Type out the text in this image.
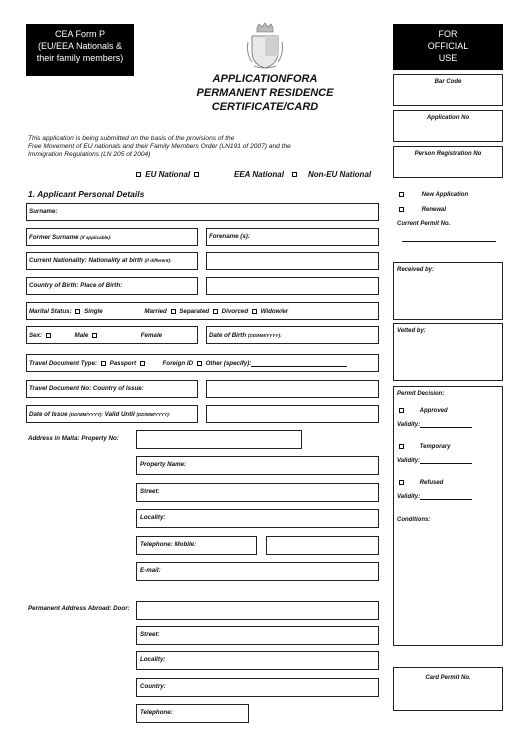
CEA Form P
(EU/EEA Nationals &
their family members)
APPLICATIONFORA
PERMANENT RESIDENCE
CERTIFICATE/CARD
This application is being submitted on the basis of the provisions of the
Free Movement of EU nationals and their Family Members Order (LN191 of 2007) and the
Immigration Regulations (LN 205 of 2004)
EU National	EEA National	Non-EU National
1. Applicant Personal Details
Surname:
Former Surname (if applicable):	Forename (s):
Current Nationality: Nationality at birth (if different):
Country of Birth: Place of Birth:
Marital Status: Single	Married Separated Divorced Widow/er
Sex:	Male	Female	Date of Birth (DD/MM/YYYY):
Travel Document Type: Passport	Foreign ID Other (specify):
Travel Document No: Country of Issue:
Date of Issue (DD/MM/YYYY): Valid Until (DD/MM/YYYY):
Address in Malta: Property No:
Property Name:
Street:
Locality:
Telephone: Mobile:
E-mail:
Permanent Address Abroad: Door:
Street:
Locality:
Country:
Telephone:
FOR
OFFICIAL
USE
Bar Code
Application No
Person Registration No
New Application
Renewal
Current Permit No.
Received by:
Vetted by:
Permit Decision:
Approved
Validity:
Temporary
Validity:
Refused
Validity:
Conditions:
Card Permit No.
